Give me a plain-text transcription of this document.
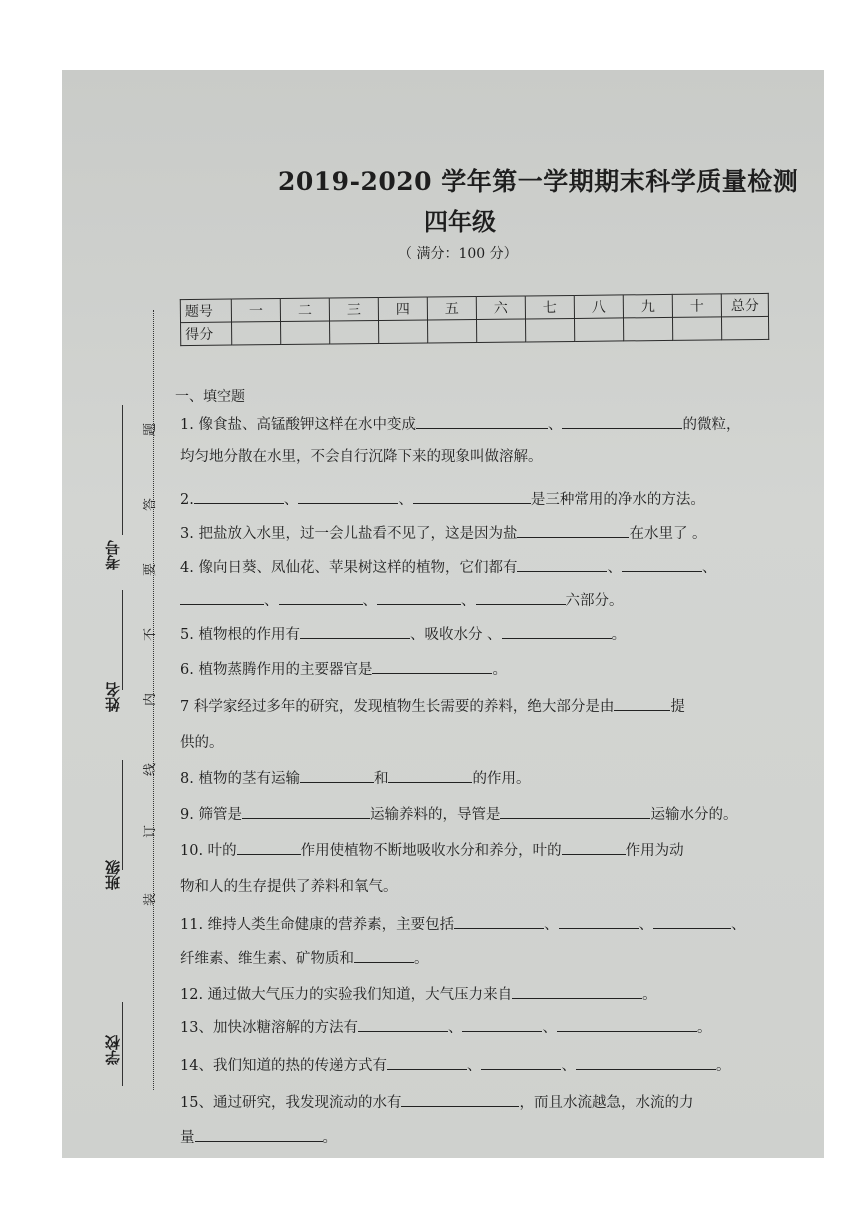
2019-2020 学年第一学期期末科学质量检测
四年级
（ 满分：100 分）
题号	一	二	三	四	五	六	七	八	九	十	总分
得分											
一、填空题
1. 像食盐、高锰酸钾这样在水中变成	、	的微粒，
均匀地分散在水里，不会自行沉降下来的现象叫做溶解。
2.	、	、	是三种常用的净水的方法。
3. 把盐放入水里，过一会儿盐看不见了，这是因为盐	在水里了 。
4. 像向日葵、凤仙花、苹果树这样的植物，它们都有	、	、
、	、	、	六部分。
5. 植物根的作用有	、吸收水分 、	。
6. 植物蒸腾作用的主要器官是	。
7 科学家经过多年的研究，发现植物生长需要的养料，绝大部分是由	提
供的。
8. 植物的茎有运输	和	的作用。
9. 筛管是	运输养料的，导管是	运输水分的。
10. 叶的	作用使植物不断地吸收水分和养分，叶的	作用为动
物和人的生存提供了养料和氧气。
11. 维持人类生命健康的营养素，主要包括	、	、	、
纤维素、维生素、矿物质和	。
12. 通过做大气压力的实验我们知道，大气压力来自	。
13、加快冰糖溶解的方法有	、	、	。
14、我们知道的热的传递方式有	、	、	。
15、通过研究，我发现流动的水有	，而且水流越急，水流的力
量	。
学校
班级
姓名
考号
装
订
线
内
不
要
答
题
